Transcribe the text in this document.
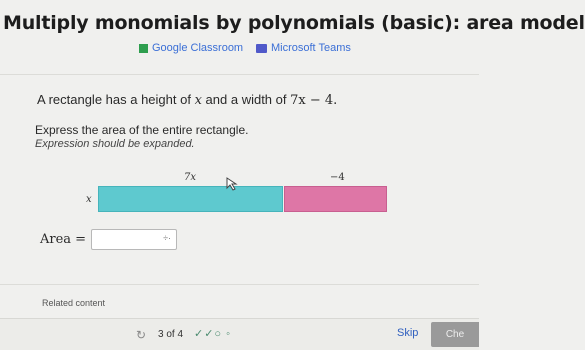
Multiply monomials by polynomials (basic): area model
Google Classroom	Microsoft Teams
A rectangle has a height of x and a width of 7x − 4.
Express the area of the entire rectangle.
Expression should be expanded.
7x	−4
x
Area =	÷·
Related content
↻ 3 of 4 ✓✓○ ◦	Skip	Che
